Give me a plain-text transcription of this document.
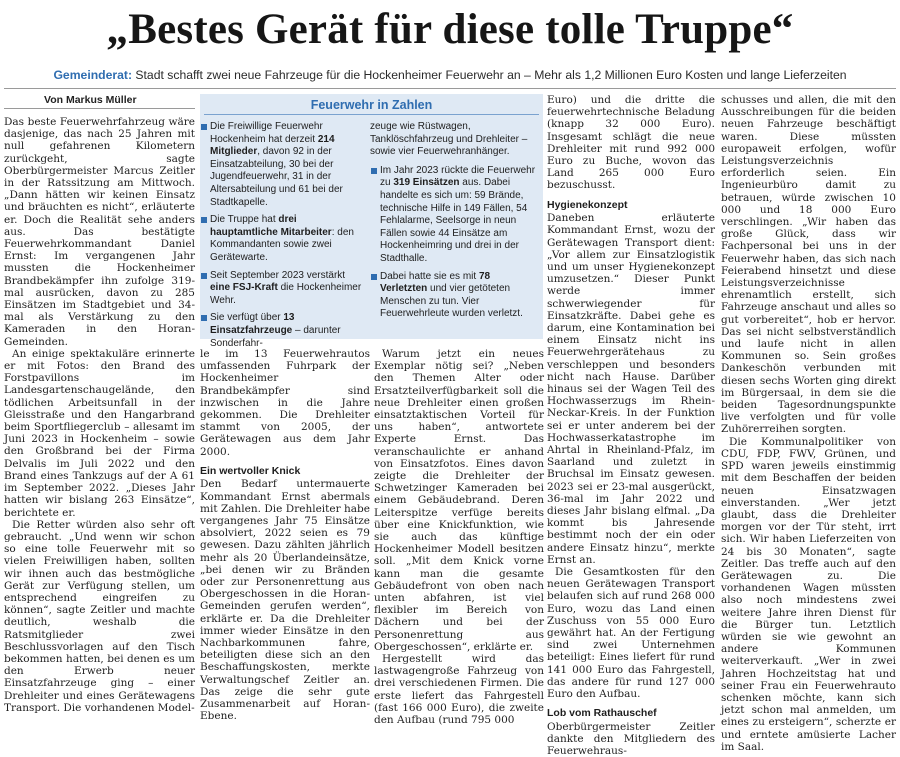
„Bestes Gerät für diese tolle Truppe“
Gemeinderat: Stadt schafft zwei neue Fahrzeuge für die Hockenheimer Feuerwehr an – Mehr als 1,2 Millionen Euro Kosten und lange Lieferzeiten
Von Markus Müller

Das beste Feuerwehrfahrzeug wäre dasjenige, das nach 25 Jahren mit null gefahrenen Kilometern zurückgeht, sagte Oberbürgermeister Marcus Zeitler in der Ratssitzung am Mittwoch. „Dann hätten wir keinen Einsatz und bräuchten es nicht“, erläuterte er. Doch die Realität sehe anders aus. Das bestätigte Feuerwehrkommandant Daniel Ernst: Im vergangenen Jahr mussten die Hockenheimer Brandbekämpfer ihn zufolge 319-mal ausrücken, davon zu 285 Einsätzen im Stadtgebiet und 34-mal als Verstärkung zu den Kameraden in den Horan-Gemeinden.

An einige spektakuläre erinnerte er mit Fotos: den Brand des Forstpavillons im Landesgartenschaugelände, den tödlichen Arbeitsunfall in der Gleisstraße und den Hangarbrand beim Sportfliegerclub – allesamt im Juni 2023 in Hockenheim – sowie den Großbrand bei der Firma Delvalis im Juli 2022 und den Brand eines Tankzugs auf der A 61 im September 2022. „Dieses Jahr hatten wir bislang 263 Einsätze“, berichtete er.

Die Retter würden also sehr oft gebraucht. „Und wenn wir schon so eine tolle Feuerwehr mit so vielen Freiwilligen haben, sollten wir ihnen auch das bestmögliche Gerät zur Verfügung stellen, um entsprechend eingreifen zu können“, sagte Zeitler und machte deutlich, weshalb die Ratsmitglieder zwei Beschlussvorlagen auf den Tisch bekommen hatten, bei denen es um den Erwerb neuer Einsatzfahrzeuge ging – einer Drehleiter und eines Gerätewagens Transport. Die vorhandenen Model-

Feuerwehr in Zahlen
Die Freiwillige Feuerwehr Hockenheim hat derzeit 214 Mitglieder, davon 92 in der Einsatzabteilung, 30 bei der Jugendfeuerwehr, 31 in der Altersabteilung und 61 bei der Stadtkapelle.
Die Truppe hat drei hauptamtliche Mitarbeiter: den Kommandanten sowie zwei Gerätewarte.
Seit September 2023 verstärkt eine FSJ-Kraft die Hockenheimer Wehr.
Sie verfügt über 13 Einsatzfahrzeuge – darunter Sonderfahr-
zeuge wie Rüstwagen, Tanklöschfahrzeug und Drehleiter – sowie vier Feuerwehranhänger.
Im Jahr 2023 rückte die Feuerwehr zu 319 Einsätzen aus. Dabei handelte es sich um: 59 Brände, technische Hilfe in 149 Fällen, 54 Fehlalarme, Seelsorge in neun Fällen sowie 44 Einsätze am Hockenheimring und drei in der Stadthalle.
Dabei hatte sie es mit 78 Verletzten und vier getöteten Menschen zu tun. Vier Feuerwehrleute wurden verletzt.

le im 13 Feuerwehrautos umfassenden Fuhrpark der Hockenheimer Brandbekämpfer sind inzwischen in die Jahre gekommen. Die Drehleiter stammt von 2005, der Gerätewagen aus dem Jahr 2000.

Ein wertvoller Knick

Den Bedarf untermauerte Kommandant Ernst abermals mit Zahlen. Die Drehleiter habe vergangenes Jahr 75 Einsätze absolviert, 2022 seien es 79 gewesen. Dazu zählten jährlich mehr als 20 Überlandeinsätze, „bei denen wir zu Bränden oder zur Personenrettung aus Obergeschossen in die Horan-Gemeinden gerufen werden“, erklärte er. Da die Drehleiter immer wieder Einsätze in den Nachbarkommunen fahre, beteiligten diese sich an den Beschaffungskosten, merkte Verwaltungschef Zeitler an. Das zeige die sehr gute Zusammenarbeit auf Horan-Ebene.

Warum jetzt ein neues Exemplar nötig sei? „Neben den Themen Alter oder Ersatzteilverfügbarkeit soll die neue Drehleiter einen großen einsatztaktischen Vorteil für uns haben“, antwortete Experte Ernst. Das veranschaulichte er anhand von Einsatzfotos. Eines davon zeigte die Drehleiter der Schwetzinger Kameraden bei einem Gebäudebrand. Deren Leiterspitze verfüge bereits über eine Knickfunktion, wie sie auch das künftige Hockenheimer Modell besitzen soll. „Mit dem Knick vorne kann man die gesamte Gebäudefront von oben nach unten abfahren, ist viel flexibler im Bereich von Dächern und bei der Personenrettung aus Obergeschossen“, erklärte er.

Hergestellt wird das lastwagengroße Fahrzeug von drei verschiedenen Firmen. Die erste liefert das Fahrgestell (fast 166 000 Euro), die zweite den Aufbau (rund 795 000

Euro) und die dritte die feuerwehrtechnische Beladung (knapp 32 000 Euro). Insgesamt schlägt die neue Drehleiter mit rund 992 000 Euro zu Buche, wovon das Land 265 000 Euro bezuschusst.

Hygienekonzept

Daneben erläuterte Kommandant Ernst, wozu der Gerätewagen Transport dient: „Vor allem zur Einsatzlogistik und um unser Hygienekonzept umzusetzen.“ Dieser Punkt werde immer schwerwiegender für Einsatzkräfte. Dabei gehe es darum, eine Kontamination bei einem Einsatz nicht ins Feuerwehrgerätehaus zu verschleppen und besonders nicht nach Hause. Darüber hinaus sei der Wagen Teil des Hochwasserzugs im Rhein-Neckar-Kreis. In der Funktion sei er unter anderem bei der Hochwasserkatastrophe im Ahrtal in Rheinland-Pfalz, im Saarland und zuletzt in Bruchsal im Einsatz gewesen. 2023 sei er 23-mal ausgerückt, 36-mal im Jahr 2022 und dieses Jahr bislang elfmal. „Da kommt bis Jahresende bestimmt noch der ein oder andere Einsatz hinzu“, merkte Ernst an.

Die Gesamtkosten für den neuen Gerätewagen Transport belaufen sich auf rund 268 000 Euro, wozu das Land einen Zuschuss von 55 000 Euro gewährt hat. An der Fertigung sind zwei Unternehmen beteiligt: Eines liefert für rund 141 000 Euro das Fahrgestell, das andere für rund 127 000 Euro den Aufbau.

Lob vom Rathauschef

Oberbürgermeister Zeitler dankte den Mitgliedern des Feuerwehraus-

schusses und allen, die mit den Ausschreibungen für die beiden neuen Fahrzeuge beschäftigt waren. Diese müssten europaweit erfolgen, wofür Leistungsverzeichnis erforderlich seien. Ein Ingenieurbüro damit zu betrauen, würde zwischen 10 000 und 18 000 Euro verschlingen. „Wir haben das große Glück, dass wir Fachpersonal bei uns in der Feuerwehr haben, das sich nach Feierabend hinsetzt und diese Leistungsverzeichnisse ehrenamtlich erstellt, sich Fahrzeuge anschaut und alles so gut vorbereitet“, hob er hervor. Das sei nicht selbstverständlich und laufe nicht in allen Kommunen so. Sein großes Dankeschön verbunden mit diesen sechs Worten ging direkt im Bürgersaal, in dem sie die beiden Tagesordnungspunkte live verfolgten und für volle Zuhörerreihen sorgten.

Die Kommunalpolitiker von CDU, FDP, FWV, Grünen, und SPD waren jeweils einstimmig mit dem Beschaffen der beiden neuen Einsatzwagen einverstanden. „Wer jetzt glaubt, dass die Drehleiter morgen vor der Tür steht, irrt sich. Wir haben Lieferzeiten von 24 bis 30 Monaten“, sagte Zeitler. Das treffe auch auf den Gerätewagen zu. Die vorhandenen Wagen müssten also noch mindestens zwei weitere Jahre ihren Dienst für die Bürger tun. Letztlich würden sie wie gewohnt an andere Kommunen weiterverkauft. „Wer in zwei Jahren Hochzeitstag hat und seiner Frau ein Feuerwehrauto schenken möchte, kann sich jetzt schon mal anmelden, um eines zu ersteigern“, scherzte er und erntete amüsierte Lacher im Saal.
